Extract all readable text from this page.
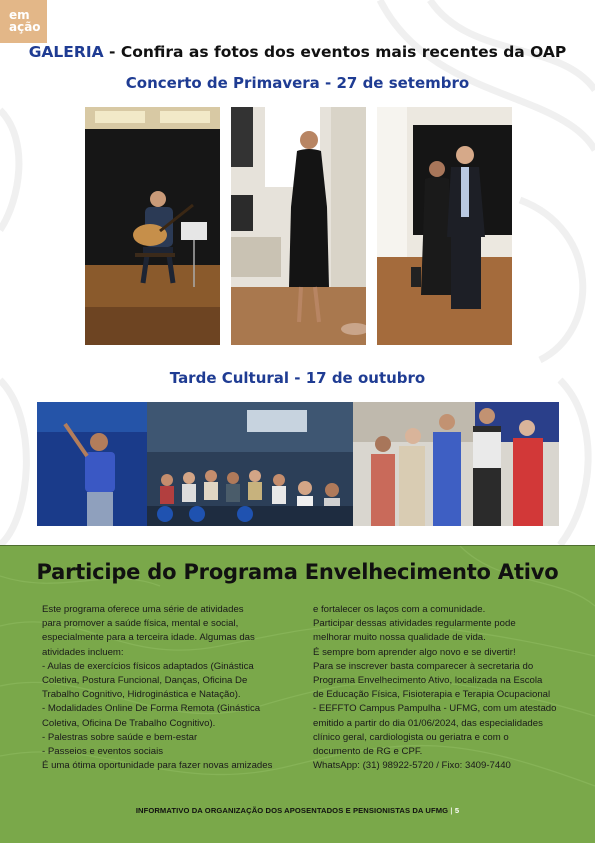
em
ação
GALERIA - Confira as fotos dos eventos mais recentes da OAP
Concerto de Primavera - 27 de setembro
Tarde Cultural - 17 de outubro
Participe do Programa Envelhecimento Ativo
Este programa oferece uma série de atividades
para promover a saúde física, mental e social,
especialmente para a terceira idade. Algumas das
atividades incluem:
- Aulas de exercícios físicos adaptados (Ginástica
Coletiva, Postura Funcional, Danças, Oficina De
Trabalho Cognitivo, Hidroginástica e Natação).
- Modalidades Online De Forma Remota (Ginástica
Coletiva, Oficina De Trabalho Cognitivo).
- Palestras sobre saúde e bem-estar
- Passeios e eventos sociais
É uma ótima oportunidade para fazer novas amizades
e fortalecer os laços com a comunidade.
Participar dessas atividades regularmente pode
melhorar muito nossa qualidade de vida.
É sempre bom aprender algo novo e se divertir!
Para se inscrever basta comparecer à secretaria do
Programa Envelhecimento Ativo, localizada na Escola
de Educação Física, Fisioterapia e Terapia Ocupacional
- EEFFTO Campus Pampulha - UFMG, com um atestado
emitido a partir do dia 01/06/2024, das especialidades
clínico geral, cardiologista ou geriatra e com o
documento de RG e CPF.
WhatsApp: (31) 98922-5720 / Fixo: 3409-7440
INFORMATIVO DA ORGANIZAÇÃO DOS APOSENTADOS E PENSIONISTAS DA UFMG | 5
